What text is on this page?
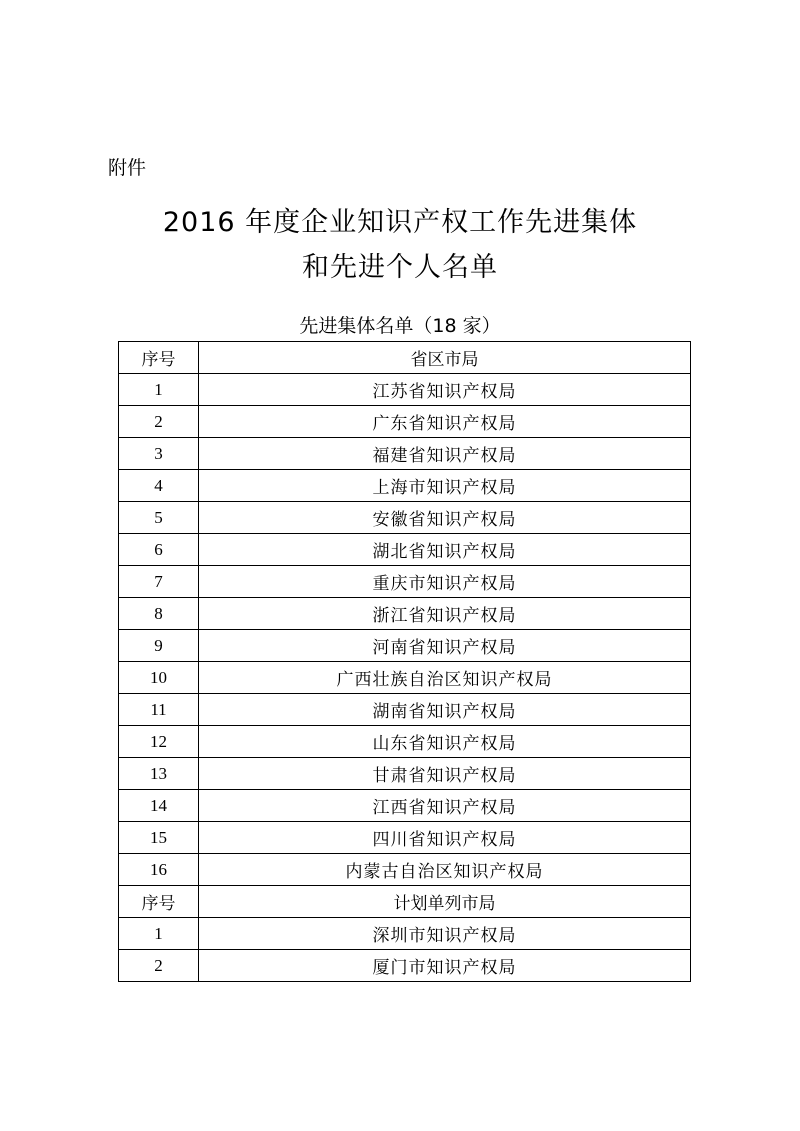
附件
2016 年度企业知识产权工作先进集体
和先进个人名单
先进集体名单（18 家）
序号	省区市局
1	江苏省知识产权局
2	广东省知识产权局
3	福建省知识产权局
4	上海市知识产权局
5	安徽省知识产权局
6	湖北省知识产权局
7	重庆市知识产权局
8	浙江省知识产权局
9	河南省知识产权局
10	广西壮族自治区知识产权局
11	湖南省知识产权局
12	山东省知识产权局
13	甘肃省知识产权局
14	江西省知识产权局
15	四川省知识产权局
16	内蒙古自治区知识产权局
序号	计划单列市局
1	深圳市知识产权局
2	厦门市知识产权局
